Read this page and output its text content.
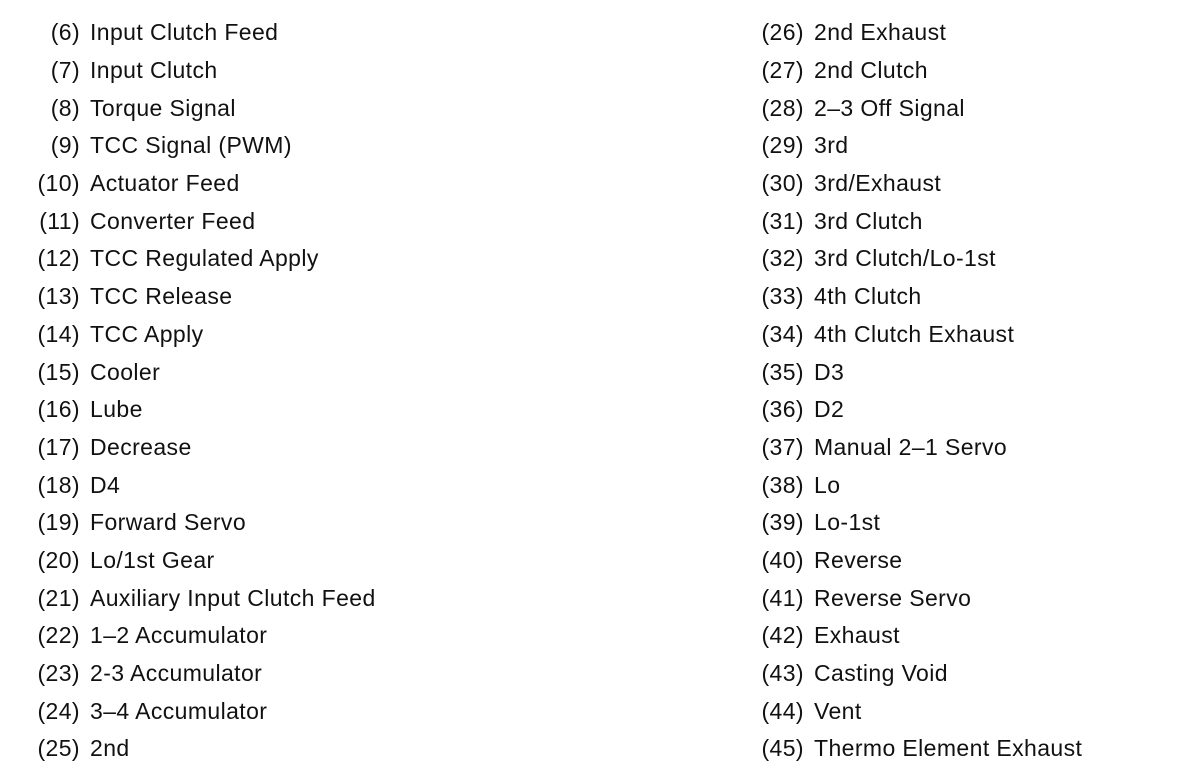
(6) Input Clutch Feed
(7) Input Clutch
(8) Torque Signal
(9) TCC Signal (PWM)
(10) Actuator Feed
(11) Converter Feed
(12) TCC Regulated Apply
(13) TCC Release
(14) TCC Apply
(15) Cooler
(16) Lube
(17) Decrease
(18) D4
(19) Forward Servo
(20) Lo/1st Gear
(21) Auxiliary Input Clutch Feed
(22) 1–2 Accumulator
(23) 2-3 Accumulator
(24) 3–4 Accumulator
(25) 2nd
(26) 2nd Exhaust
(27) 2nd Clutch
(28) 2–3 Off Signal
(29) 3rd
(30) 3rd/Exhaust
(31) 3rd Clutch
(32) 3rd Clutch/Lo-1st
(33) 4th Clutch
(34) 4th Clutch Exhaust
(35) D3
(36) D2
(37) Manual 2–1 Servo
(38) Lo
(39) Lo-1st
(40) Reverse
(41) Reverse Servo
(42) Exhaust
(43) Casting Void
(44) Vent
(45) Thermo Element Exhaust
